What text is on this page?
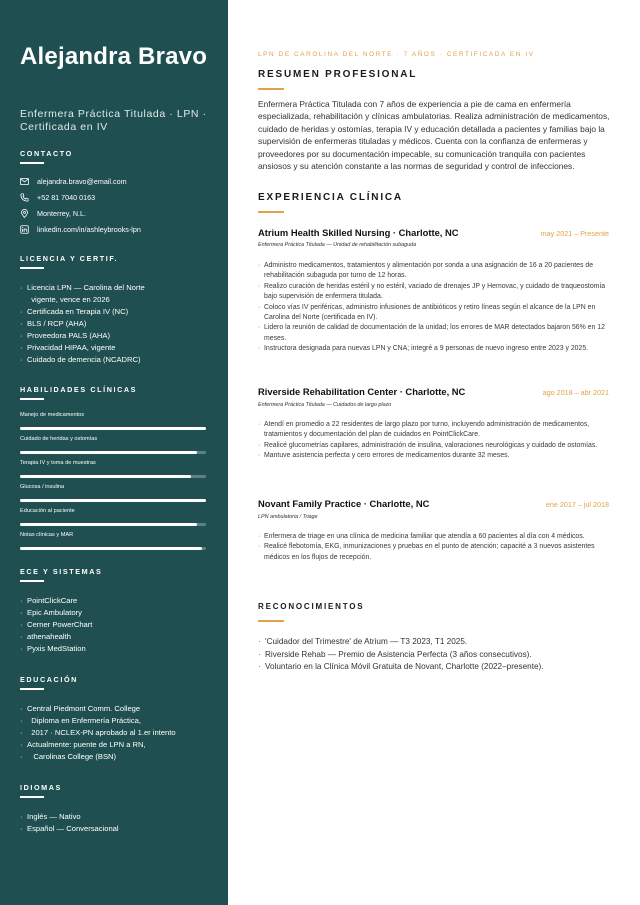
Alejandra Bravo
Enfermera Práctica Titulada · LPN · Certificada en IV
CONTACTO
alejandra.bravo@email.com
+52 81 7040 0163
Monterrey, N.L.
linkedin.com/in/ashleybrooks-lpn
LICENCIA Y CERTIF.
· Licencia LPN — Carolina del Norte
vigente, vence en 2026
· Certificada en Terapia IV (NC)
· BLS / RCP (AHA)
· Proveedora PALS (AHA)
· Privacidad HIPAA, vigente
· Cuidado de demencia (NCADRC)
HABILIDADES CLÍNICAS
Manejo de medicamentos
Cuidado de heridas y ostomías
Terapia IV y toma de muestras
Glucosa / insulina
Educación al paciente
Notas clínicas y MAR
ECE Y SISTEMAS
· PointClickCare
· Epic Ambulatory
· Cerner PowerChart
· athenahealth
· Pyxis MedStation
EDUCACIÓN
· Central Piedmont Comm. College
· Diploma en Enfermería Práctica,
· 2017 · NCLEX-PN aprobado al 1.er intento
· Actualmente: puente de LPN a RN,
· Carolinas College (BSN)
IDIOMAS
· Inglés — Nativo
· Español — Conversacional
LPN DE CAROLINA DEL NORTE · 7 AÑOS · CERTIFICADA EN IV
RESUMEN PROFESIONAL
Enfermera Práctica Titulada con 7 años de experiencia a pie de cama en enfermería especializada, rehabilitación y clínicas ambulatorias. Realiza administración de medicamentos, cuidado de heridas y ostomías, terapia IV y educación detallada a pacientes y familias bajo la supervisión de enfermeras tituladas y médicos. Cuenta con la confianza de enfermeras y proveedores por su documentación impecable, su comunicación tranquila con pacientes ansiosos y su atención constante a las normas de seguridad y control de infecciones.
EXPERIENCIA CLÍNICA
Atrium Health Skilled Nursing · Charlotte, NC	may 2021 – Presente
Enfermera Práctica Titulada — Unidad de rehabilitación subaguda
· Administro medicamentos, tratamientos y alimentación por sonda a una asignación de 16 a 20 pacientes de rehabilitación subaguda por turno de 12 horas.
· Realizo curación de heridas estéril y no estéril, vaciado de drenajes JP y Hemovac, y cuidado de traqueostomía bajo supervisión de enfermera titulada.
· Coloco vías IV periféricas, administro infusiones de antibióticos y retiro líneas según el alcance de la LPN en Carolina del Norte (certificada en IV).
· Lidero la reunión de calidad de documentación de la unidad; los errores de MAR detectados bajaron 56% en 12 meses.
· Instructora designada para nuevas LPN y CNA; integré a 9 personas de nuevo ingreso entre 2023 y 2025.
Riverside Rehabilitation Center · Charlotte, NC	ago 2018 – abr 2021
Enfermera Práctica Titulada — Cuidados de largo plazo
· Atendí en promedio a 22 residentes de largo plazo por turno, incluyendo administración de medicamentos, tratamientos y documentación del plan de cuidados en PointClickCare.
· Realicé glucometrías capilares, administración de insulina, valoraciones neurológicas y cuidado de ostomías.
· Mantuve asistencia perfecta y cero errores de medicamentos durante 32 meses.
Novant Family Practice · Charlotte, NC	ene 2017 – jul 2018
LPN ambulatoria / Triage
· Enfermera de triage en una clínica de medicina familiar que atendía a 60 pacientes al día con 4 médicos.
· Realicé flebotomía, EKG, inmunizaciones y pruebas en el punto de atención; capacité a 3 nuevos asistentes médicos en los flujos de recepción.
RECONOCIMIENTOS
· 'Cuidador del Trimestre' de Atrium — T3 2023, T1 2025.
· Riverside Rehab — Premio de Asistencia Perfecta (3 años consecutivos).
· Voluntario en la Clínica Móvil Gratuita de Novant, Charlotte (2022–presente).
